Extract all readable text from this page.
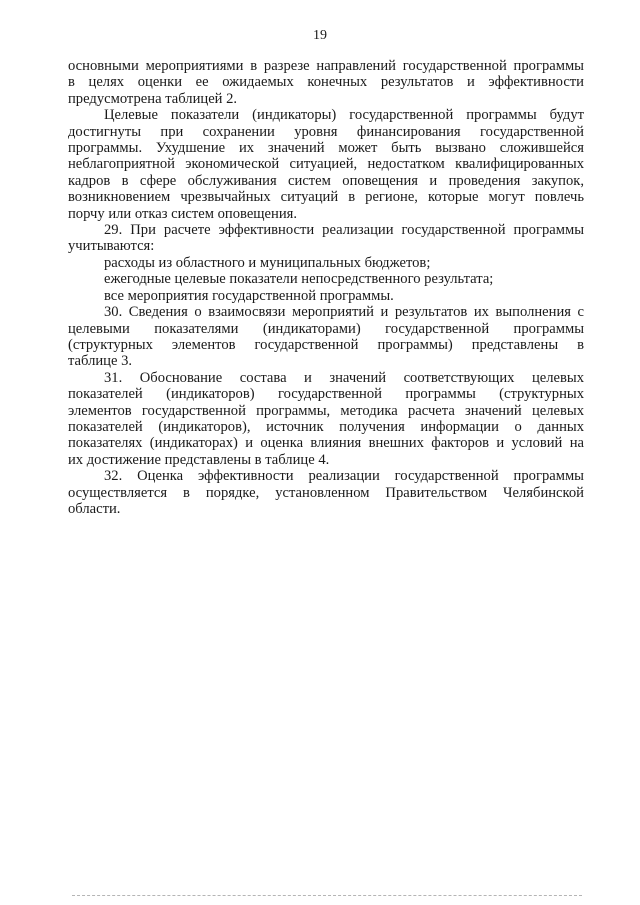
19
основными мероприятиями в разрезе направлений государственной программы
в целях оценки ее ожидаемых конечных результатов и эффективности
предусмотрена таблицей 2.
Целевые показатели (индикаторы) государственной программы будут
достигнуты при сохранении уровня финансирования государственной
программы. Ухудшение их значений может быть вызвано сложившейся
неблагоприятной экономической ситуацией, недостатком квалифицированных
кадров в сфере обслуживания систем оповещения и проведения закупок,
возникновением чрезвычайных ситуаций в регионе, которые могут повлечь
порчу или отказ систем оповещения.
29. При расчете эффективности реализации государственной программы
учитываются:
расходы из областного и муниципальных бюджетов;
ежегодные целевые показатели непосредственного результата;
все мероприятия государственной программы.
30. Сведения о взаимосвязи мероприятий и результатов их выполнения с
целевыми показателями (индикаторами) государственной программы
(структурных элементов государственной программы) представлены в
таблице 3.
31. Обоснование состава и значений соответствующих целевых
показателей (индикаторов) государственной программы (структурных
элементов государственной программы, методика расчета значений целевых
показателей (индикаторов), источник получения информации о данных
показателях (индикаторах) и оценка влияния внешних факторов и условий на
их достижение представлены в таблице 4.
32. Оценка эффективности реализации государственной программы
осуществляется в порядке, установленном Правительством Челябинской
области.
